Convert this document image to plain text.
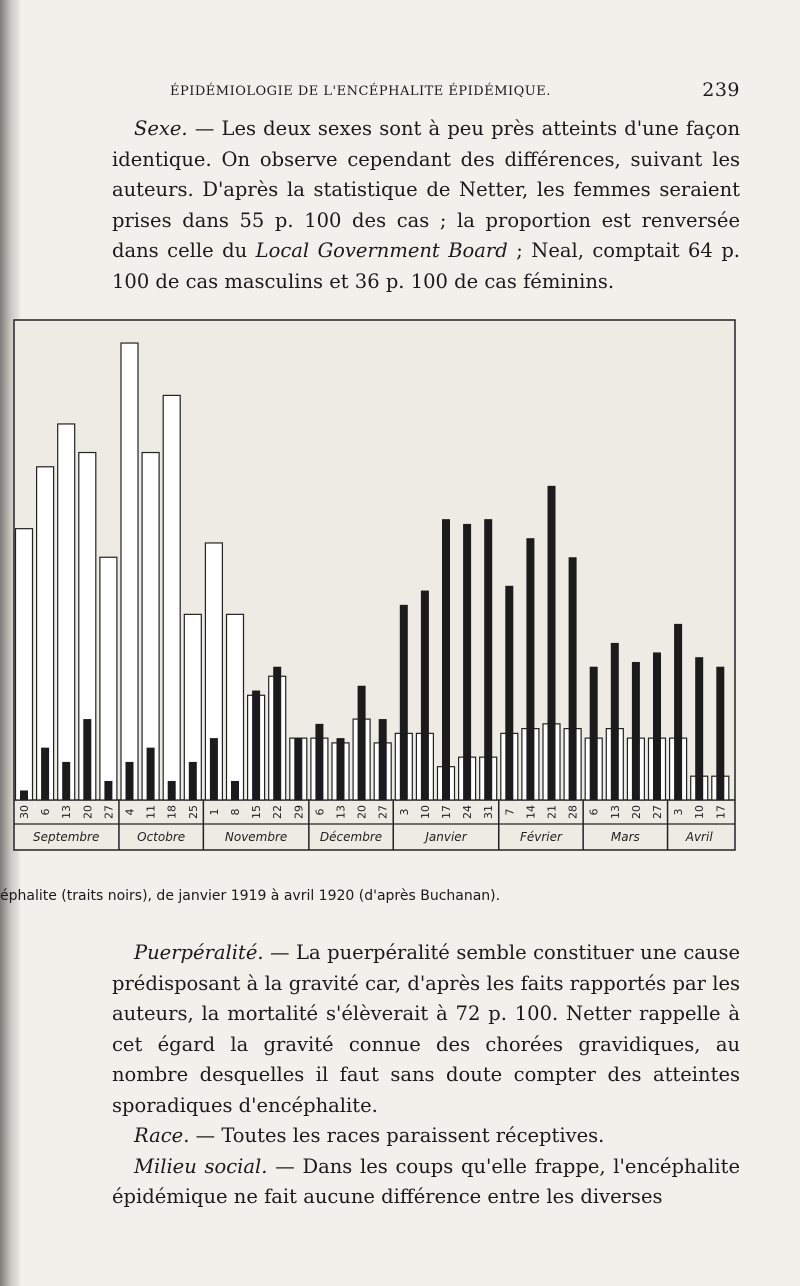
ÉPIDÉMIOLOGIE DE L'ENCÉPHALITE ÉPIDÉMIQUE.	239

Sexe. — Les deux sexes sont à peu près atteints d'une façon identique. On observe cependant des différences, suivant les auteurs. D'après la statistique de Netter, les femmes seraient prises dans 55 p. 100 des cas ; la proportion est renversée dans celle du Local Government Board ; Neal, comptait 64 p. 100 de cas masculins et 36 p. 100 de cas féminins.

30 6 13 20 27 4 11 18 25 1 8 15 22 29 6 13 20 27 3 10 17 24 31 7 14 21 28 6 13 20 27 3 10 17
Septembre	Octobre	Novembre	Décembre	Janvier	Février	Mars	Avril
éphalite (traits noirs), de janvier 1919 à avril 1920 (d'après Buchanan).

Puerpéralité. — La puerpéralité semble constituer une cause prédisposant à la gravité car, d'après les faits rapportés par les auteurs, la mortalité s'élèverait à 72 p. 100. Netter rappelle à cet égard la gravité connue des chorées gravidiques, au nombre desquelles il faut sans doute compter des atteintes sporadiques d'encéphalite.

Race. — Toutes les races paraissent réceptives.

Milieu social. — Dans les coups qu'elle frappe, l'encéphalite épidémique ne fait aucune différence entre les diverses
